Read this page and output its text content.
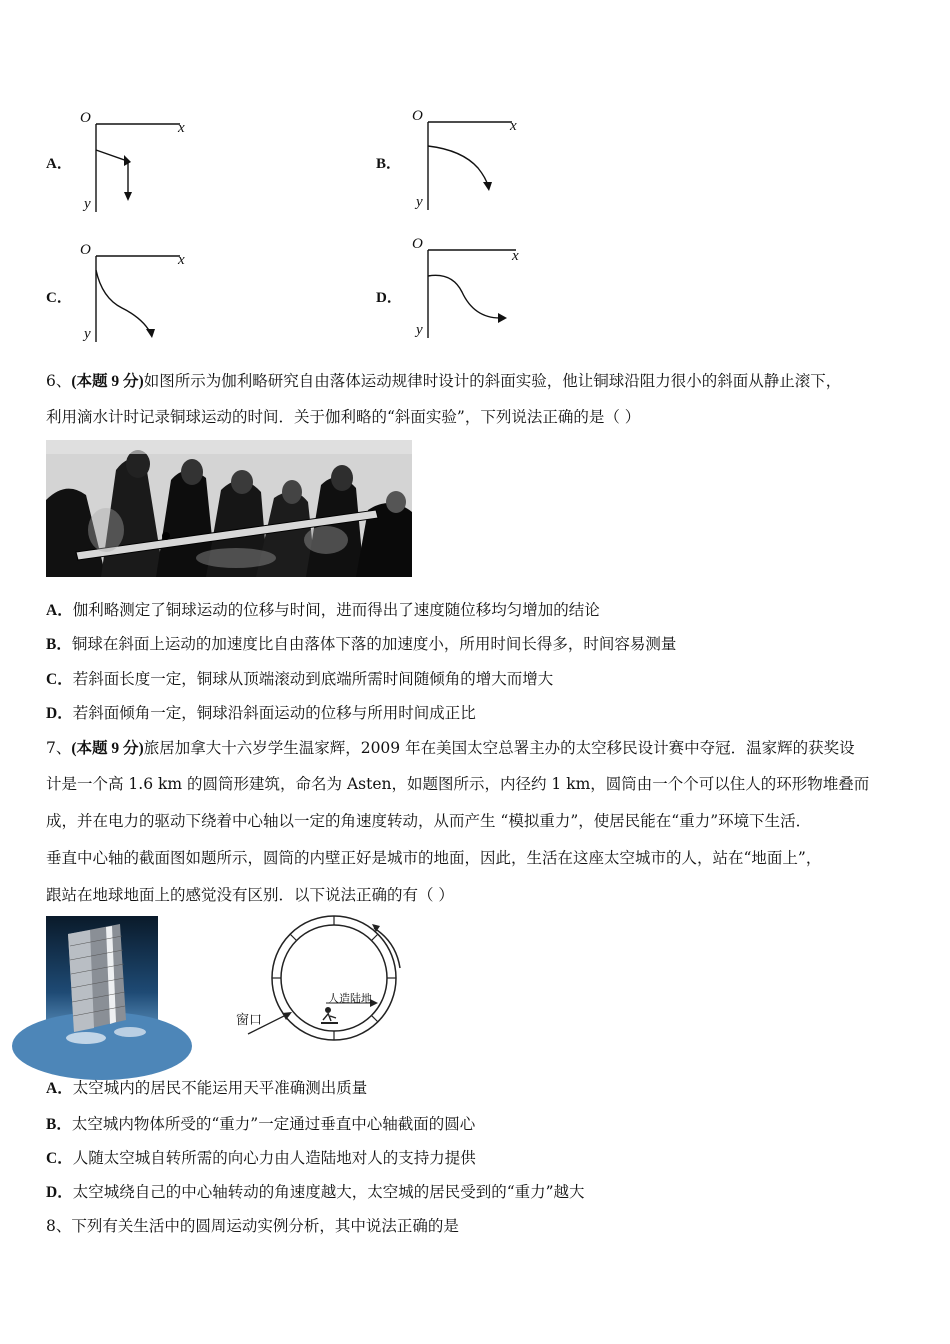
A．
O
x
y
B．
O
x
y
C．
O
x
y
D．
O
x
y
6、(本题 9 分)如图所示为伽利略研究自由落体运动规律时设计的斜面实验，他让铜球沿阻力很小的斜面从静止滚下，
利用滴水计时记录铜球运动的时间．关于伽利略的“斜面实验”，下列说法正确的是（ ）
A．伽利略测定了铜球运动的位移与时间，进而得出了速度随位移均匀增加的结论
B．铜球在斜面上运动的加速度比自由落体下落的加速度小，所用时间长得多，时间容易测量
C．若斜面长度一定，铜球从顶端滚动到底端所需时间随倾角的增大而增大
D．若斜面倾角一定，铜球沿斜面运动的位移与所用时间成正比
7、(本题 9 分)旅居加拿大十六岁学生温家辉，2009 年在美国太空总署主办的太空移民设计赛中夺冠．温家辉的获奖设
计是一个高 1.6 km 的圆筒形建筑，命名为 Asten，如题图所示，内径约 1 km，圆筒由一个个可以住人的环形物堆叠而
成，并在电力的驱动下绕着中心轴以一定的角速度转动，从而产生 “模拟重力”，使居民能在“重力”环境下生活．
垂直中心轴的截面图如题所示，圆筒的内壁正好是城市的地面，因此，生活在这座太空城市的人，站在“地面上”，
跟站在地球地面上的感觉没有区别．以下说法正确的有（ ）
窗口
人造陆地
A．太空城内的居民不能运用天平准确测出质量
B．太空城内物体所受的“重力”一定通过垂直中心轴截面的圆心
C．人随太空城自转所需的向心力由人造陆地对人的支持力提供
D．太空城绕自己的中心轴转动的角速度越大，太空城的居民受到的“重力”越大
8、下列有关生活中的圆周运动实例分析，其中说法正确的是
